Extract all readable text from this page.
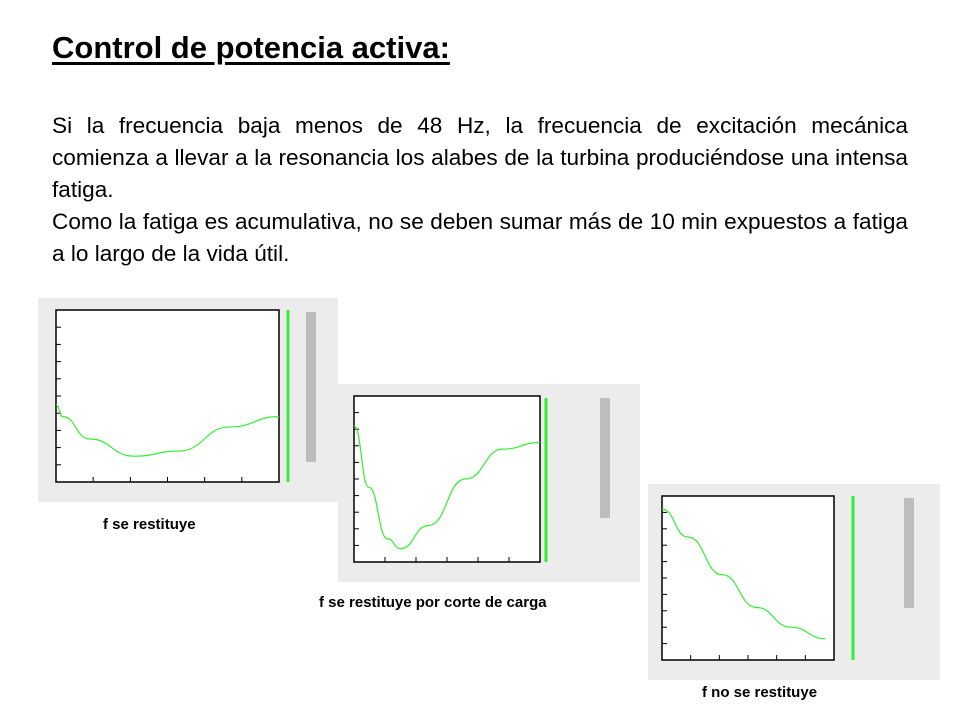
Control de potencia activa:

Si la frecuencia baja menos de 48 Hz, la frecuencia de excitación mecánica comienza a llevar a la resonancia los alabes de la turbina produciéndose una intensa fatiga.

Como la fatiga es acumulativa, no se deben sumar más de 10 min expuestos a fatiga a lo largo de la vida útil.

f se restituye
f se restituye por corte de carga
f no se restituye
